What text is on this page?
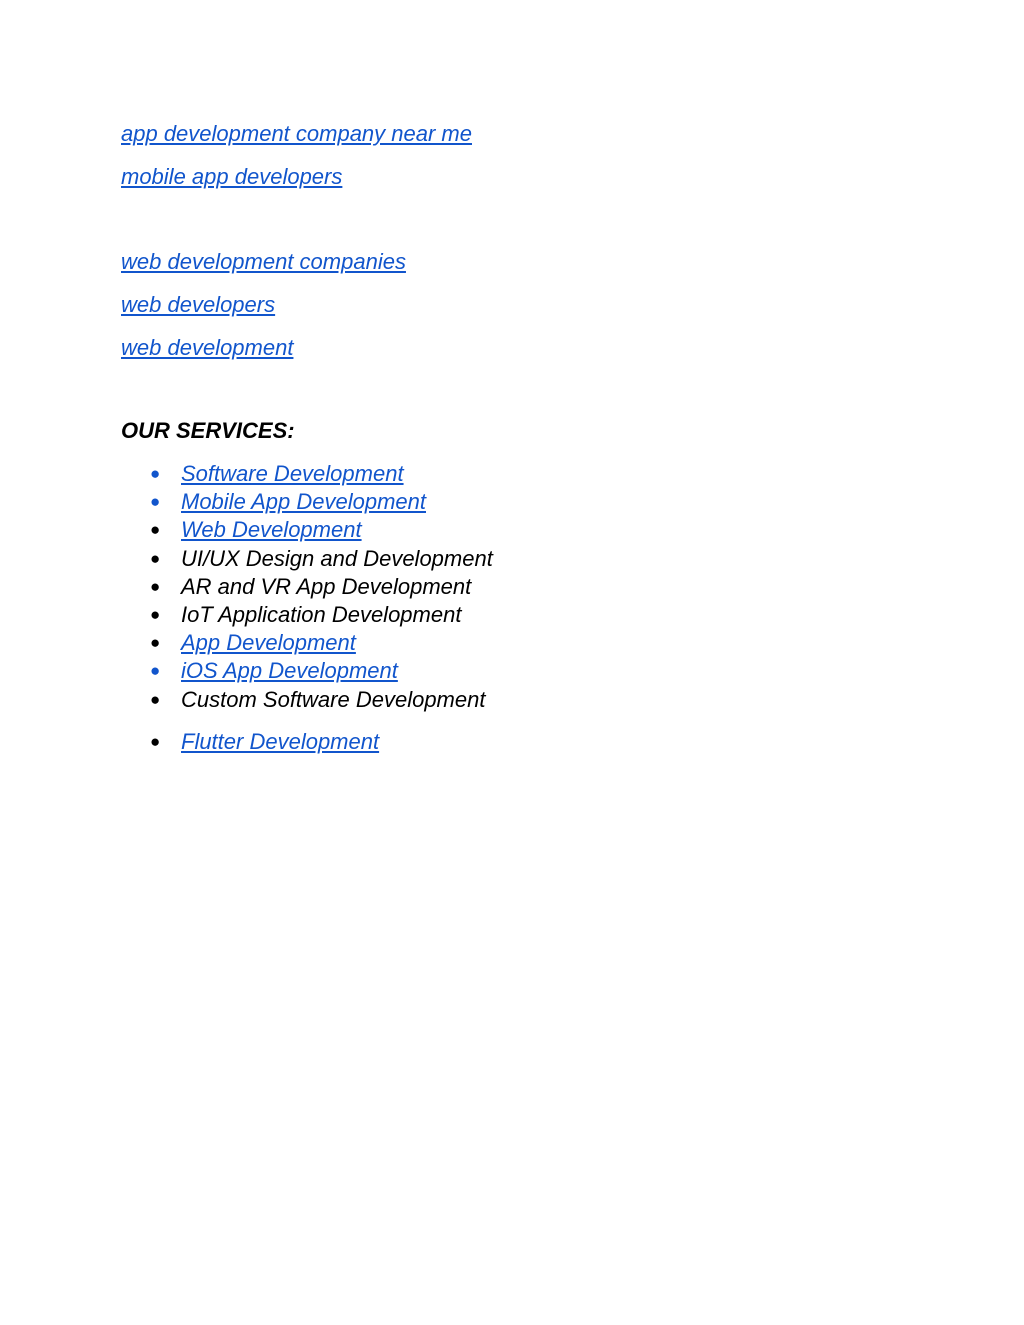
app development company near me
mobile app developers
web development companies
web developers
web development
OUR SERVICES:
● Software Development
● Mobile App Development
● Web Development
● UI/UX Design and Development
● AR and VR App Development
● IoT Application Development
● App Development
● iOS App Development
● Custom Software Development
● Flutter Development
